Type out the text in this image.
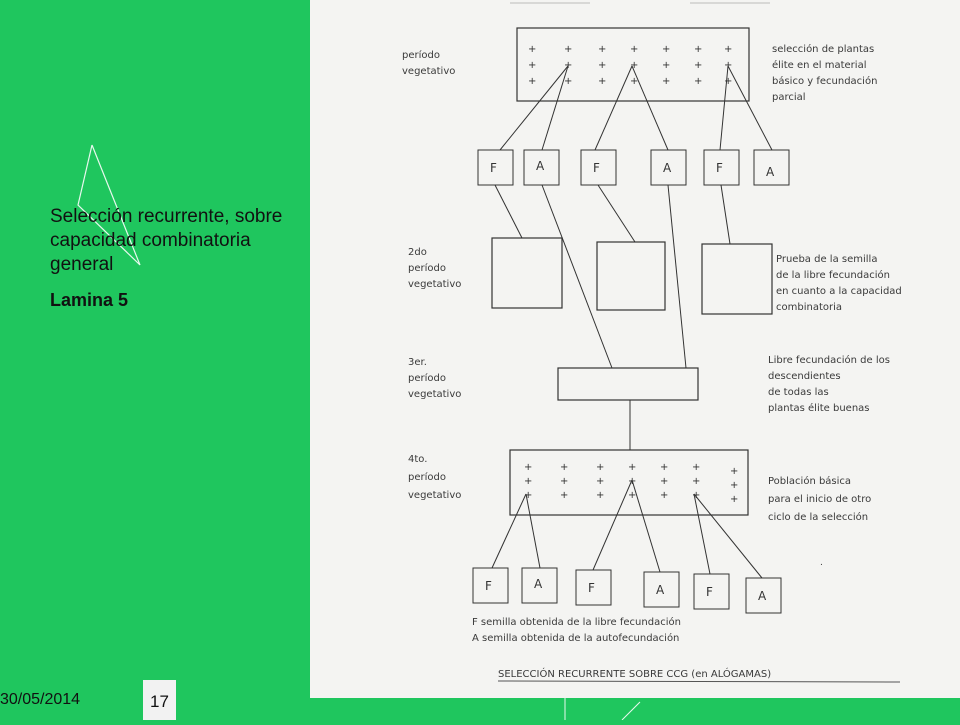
Selección recurrente, sobre capacidad combinatoria general

Lamina 5
período
vegetativo
2do
período
vegetativo
3er.
período
vegetativo
4to.
período
vegetativo
selección de plantas
élite en el material
básico y fecundación
parcial
Prueba de la semilla
de la libre fecundación
en cuanto a la capacidad
combinatoria
Libre fecundación de los
descendientes
de todas las
plantas élite buenas
Población básica
para el inicio de otro
ciclo de la selección
+	+	+ + + + +
+	+	+ + + + +
+	+	+ + + + +
F	A	F	A	F	A
+	+	+ + + +	+
+	+	+ + + +	+
+	+	+ + + +	+
F	A	F	A	F	A
F semilla obtenida de la libre fecundación
A semilla obtenida de la autofecundación
SELECCIÓN RECURRENTE SOBRE CCG (en ALÓGAMAS)
.
30/05/2014	17
